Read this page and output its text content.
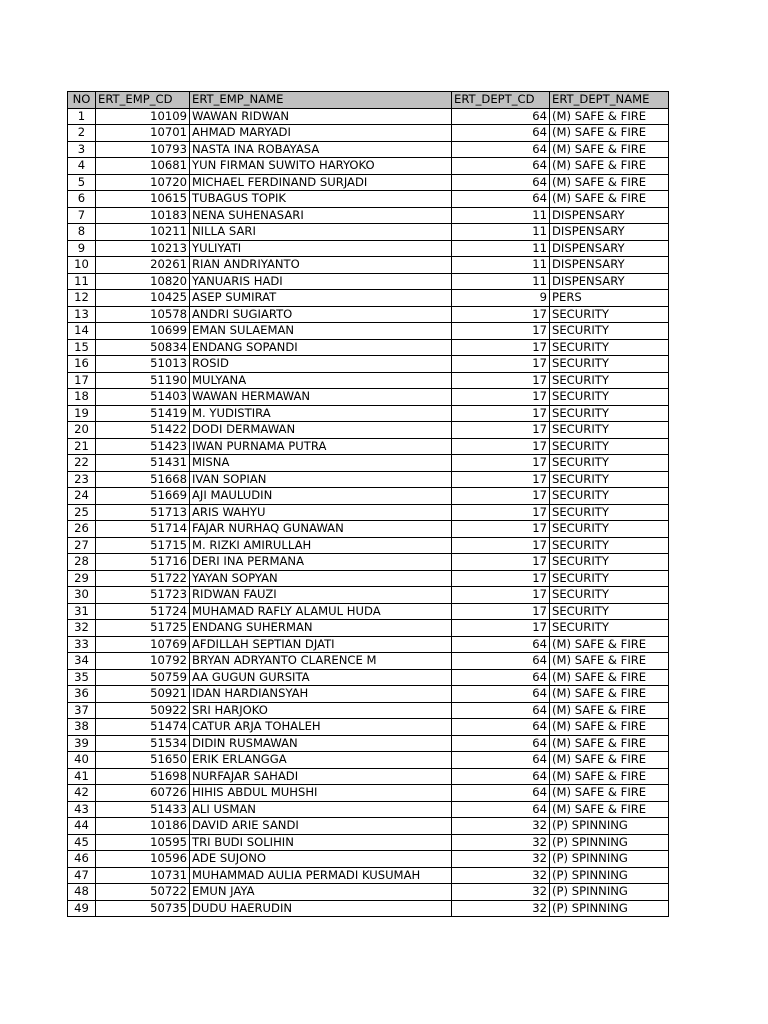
NO	ERT_EMP_CD	ERT_EMP_NAME	ERT_DEPT_CD	ERT_DEPT_NAME
1	10109	WAWAN RIDWAN	64	(M) SAFE & FIRE
2	10701	AHMAD MARYADI	64	(M) SAFE & FIRE
3	10793	NASTA INA ROBAYASA	64	(M) SAFE & FIRE
4	10681	YUN FIRMAN SUWITO HARYOKO	64	(M) SAFE & FIRE
5	10720	MICHAEL FERDINAND SURJADI	64	(M) SAFE & FIRE
6	10615	TUBAGUS TOPIK	64	(M) SAFE & FIRE
7	10183	NENA SUHENASARI	11	DISPENSARY
8	10211	NILLA SARI	11	DISPENSARY
9	10213	YULIYATI	11	DISPENSARY
10	20261	RIAN ANDRIYANTO	11	DISPENSARY
11	10820	YANUARIS HADI	11	DISPENSARY
12	10425	ASEP SUMIRAT	9	PERS
13	10578	ANDRI SUGIARTO	17	SECURITY
14	10699	EMAN SULAEMAN	17	SECURITY
15	50834	ENDANG SOPANDI	17	SECURITY
16	51013	ROSID	17	SECURITY
17	51190	MULYANA	17	SECURITY
18	51403	WAWAN HERMAWAN	17	SECURITY
19	51419	M. YUDISTIRA	17	SECURITY
20	51422	DODI DERMAWAN	17	SECURITY
21	51423	IWAN PURNAMA PUTRA	17	SECURITY
22	51431	MISNA	17	SECURITY
23	51668	IVAN SOPIAN	17	SECURITY
24	51669	AJI MAULUDIN	17	SECURITY
25	51713	ARIS WAHYU	17	SECURITY
26	51714	FAJAR NURHAQ GUNAWAN	17	SECURITY
27	51715	M. RIZKI AMIRULLAH	17	SECURITY
28	51716	DERI INA PERMANA	17	SECURITY
29	51722	YAYAN SOPYAN	17	SECURITY
30	51723	RIDWAN FAUZI	17	SECURITY
31	51724	MUHAMAD RAFLY ALAMUL HUDA	17	SECURITY
32	51725	ENDANG SUHERMAN	17	SECURITY
33	10769	AFDILLAH SEPTIAN DJATI	64	(M) SAFE & FIRE
34	10792	BRYAN ADRYANTO CLARENCE M	64	(M) SAFE & FIRE
35	50759	AA GUGUN GURSITA	64	(M) SAFE & FIRE
36	50921	IDAN HARDIANSYAH	64	(M) SAFE & FIRE
37	50922	SRI HARJOKO	64	(M) SAFE & FIRE
38	51474	CATUR ARJA TOHALEH	64	(M) SAFE & FIRE
39	51534	DIDIN RUSMAWAN	64	(M) SAFE & FIRE
40	51650	ERIK ERLANGGA	64	(M) SAFE & FIRE
41	51698	NURFAJAR SAHADI	64	(M) SAFE & FIRE
42	60726	HIHIS ABDUL MUHSHI	64	(M) SAFE & FIRE
43	51433	ALI USMAN	64	(M) SAFE & FIRE
44	10186	DAVID ARIE SANDI	32	(P) SPINNING
45	10595	TRI BUDI SOLIHIN	32	(P) SPINNING
46	10596	ADE SUJONO	32	(P) SPINNING
47	10731	MUHAMMAD AULIA PERMADI KUSUMAH	32	(P) SPINNING
48	50722	EMUN JAYA	32	(P) SPINNING
49	50735	DUDU HAERUDIN	32	(P) SPINNING
